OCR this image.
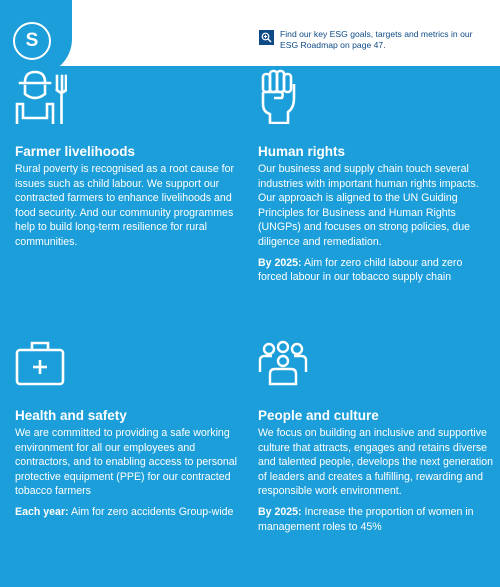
S	Find our key ESG goals, targets and metrics in our ESG Roadmap on page 47.
Farmer livelihoods

Rural poverty is recognised as a root cause for issues such as child labour. We support our contracted farmers to enhance livelihoods and food security. And our community programmes help to build long-term resilience for rural communities.

Human rights

Our business and supply chain touch several industries with important human rights impacts. Our approach is aligned to the UN Guiding Principles for Business and Human Rights (UNGPs) and focuses on strong policies, due diligence and remediation.

By 2025: Aim for zero child labour and zero forced labour in our tobacco supply chain

Health and safety

We are committed to providing a safe working environment for all our employees and contractors, and to enabling access to personal protective equipment (PPE) for our contracted tobacco farmers

Each year: Aim for zero accidents Group-wide

People and culture

We focus on building an inclusive and supportive culture that attracts, engages and retains diverse and talented people, develops the next generation of leaders and creates a fulfilling, rewarding and responsible work environment.

By 2025: Increase the proportion of women in management roles to 45%
